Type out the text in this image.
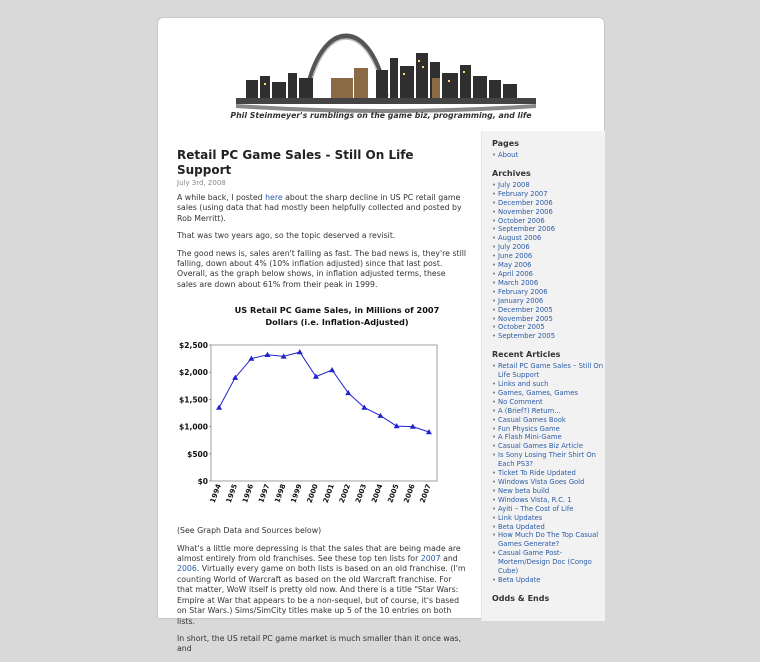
Phil Steinmeyer's rumblings on the game biz, programming, and life
Retail PC Game Sales - Still On Life Support
July 3rd, 2008

A while back, I posted here about the sharp decline in US PC retail game sales (using data that had mostly been helpfully collected and posted by Rob Merritt).

That was two years ago, so the topic deserved a revisit.

The good news is, sales aren't falling as fast. The bad news is, they're still falling, down about 4% (10% inflation adjusted) since that last post. Overall, as the graph below shows, in inflation adjusted terms, these sales are down about 61% from their peak in 1999.

US Retail PC Game Sales, in Millions of 2007
Dollars (i.e. Inflation-Adjusted)
$0
$500
$1,000
$1,500
$2,000
$2,500
1994 1995 1996 1997 1998 1999 2000 2001 2002 2003 2004 2005 2006 2007

(See Graph Data and Sources below)

What's a little more depressing is that the sales that are being made are almost entirely from old franchises. See these top ten lists for 2007 and 2006. Virtually every game on both lists is based on an old franchise. (I'm counting World of Warcraft as based on the old Warcraft franchise. For that matter, WoW itself is pretty old now. And there is a title "Star Wars: Empire at War that appears to be a non-sequel, but of course, it's based on Star Wars.) Sims/SimCity titles make up 5 of the 10 entries on both lists.

In short, the US retail PC game market is much smaller than it once was, and

Pages
• About
Archives
• July 2008
• February 2007
• December 2006
• November 2006
• October 2006
• September 2006
• August 2006
• July 2006
• June 2006
• May 2006
• April 2006
• March 2006
• February 2006
• January 2006
• December 2005
• November 2005
• October 2005
• September 2005
Recent Articles
• Retail PC Game Sales – Still On Life Support
• Links and such
• Games, Games, Games
• No Comment
• A (Brief?) Return...
• Casual Games Book
• Fun Physics Game
• A Flash Mini-Game
• Casual Games Biz Article
• Is Sony Losing Their Shirt On Each PS3?
• Ticket To Ride Updated
• Windows Vista Goes Gold
• New beta build
• Windows Vista, R.C. 1
• Ayiti – The Cost of Life
• Link Updates
• Beta Updated
• How Much Do The Top Casual Games Generate?
• Casual Game Post-Mortem/Design Doc (Congo Cube)
• Beta Update
Odds & Ends
